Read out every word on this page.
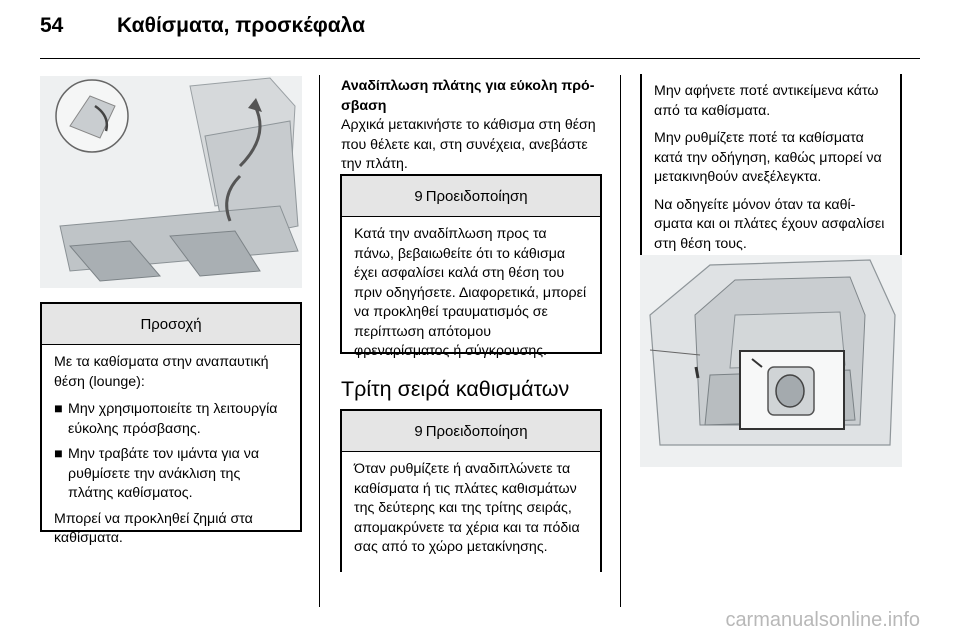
54	Καθίσματα, προσκέφαλα
Προσοχή

Με τα καθίσματα στην αναπαυτική θέση (lounge):

■ Μην χρησιμοποιείτε τη λειτουργία εύκολης πρόσβασης.
■ Μην τραβάτε τον ιμάντα για να ρυθμίσετε την ανάκλιση της πλάτης καθίσματος.

Μπορεί να προκληθεί ζημιά στα καθίσματα.

Αναδίπλωση πλάτης για εύκολη πρόσβαση
Αρχικά μετακινήστε το κάθισμα στη θέση που θέλετε και, στη συνέχεια, ανεβάστε την πλάτη.
9 Προειδοποίηση
Κατά την αναδίπλωση προς τα πάνω, βεβαιωθείτε ότι το κάθισμα έχει ασφαλίσει καλά στη θέση του πριν οδηγήσετε. Διαφορετικά, μπορεί να προκληθεί τραυματισμός σε περίπτωση απότομου φρεναρίσματος ή σύγκρουσης.
Τρίτη σειρά καθισμάτων
9 Προειδοποίηση
Όταν ρυθμίζετε ή αναδιπλώνετε τα καθίσματα ή τις πλάτες καθισμάτων της δεύτερης και της τρίτης σειράς, απομακρύνετε τα χέρια και τα πόδια σας από το χώρο μετακίνησης.

Μην αφήνετε ποτέ αντικείμενα κάτω από τα καθίσματα.

Μην ρυθμίζετε ποτέ τα καθίσματα κατά την οδήγηση, καθώς μπορεί να μετακινηθούν ανεξέλεγκτα.

Να οδηγείτε μόνον όταν τα καθίσματα και οι πλάτες έχουν ασφαλίσει στη θέση τους.

carmanualsonline.info
